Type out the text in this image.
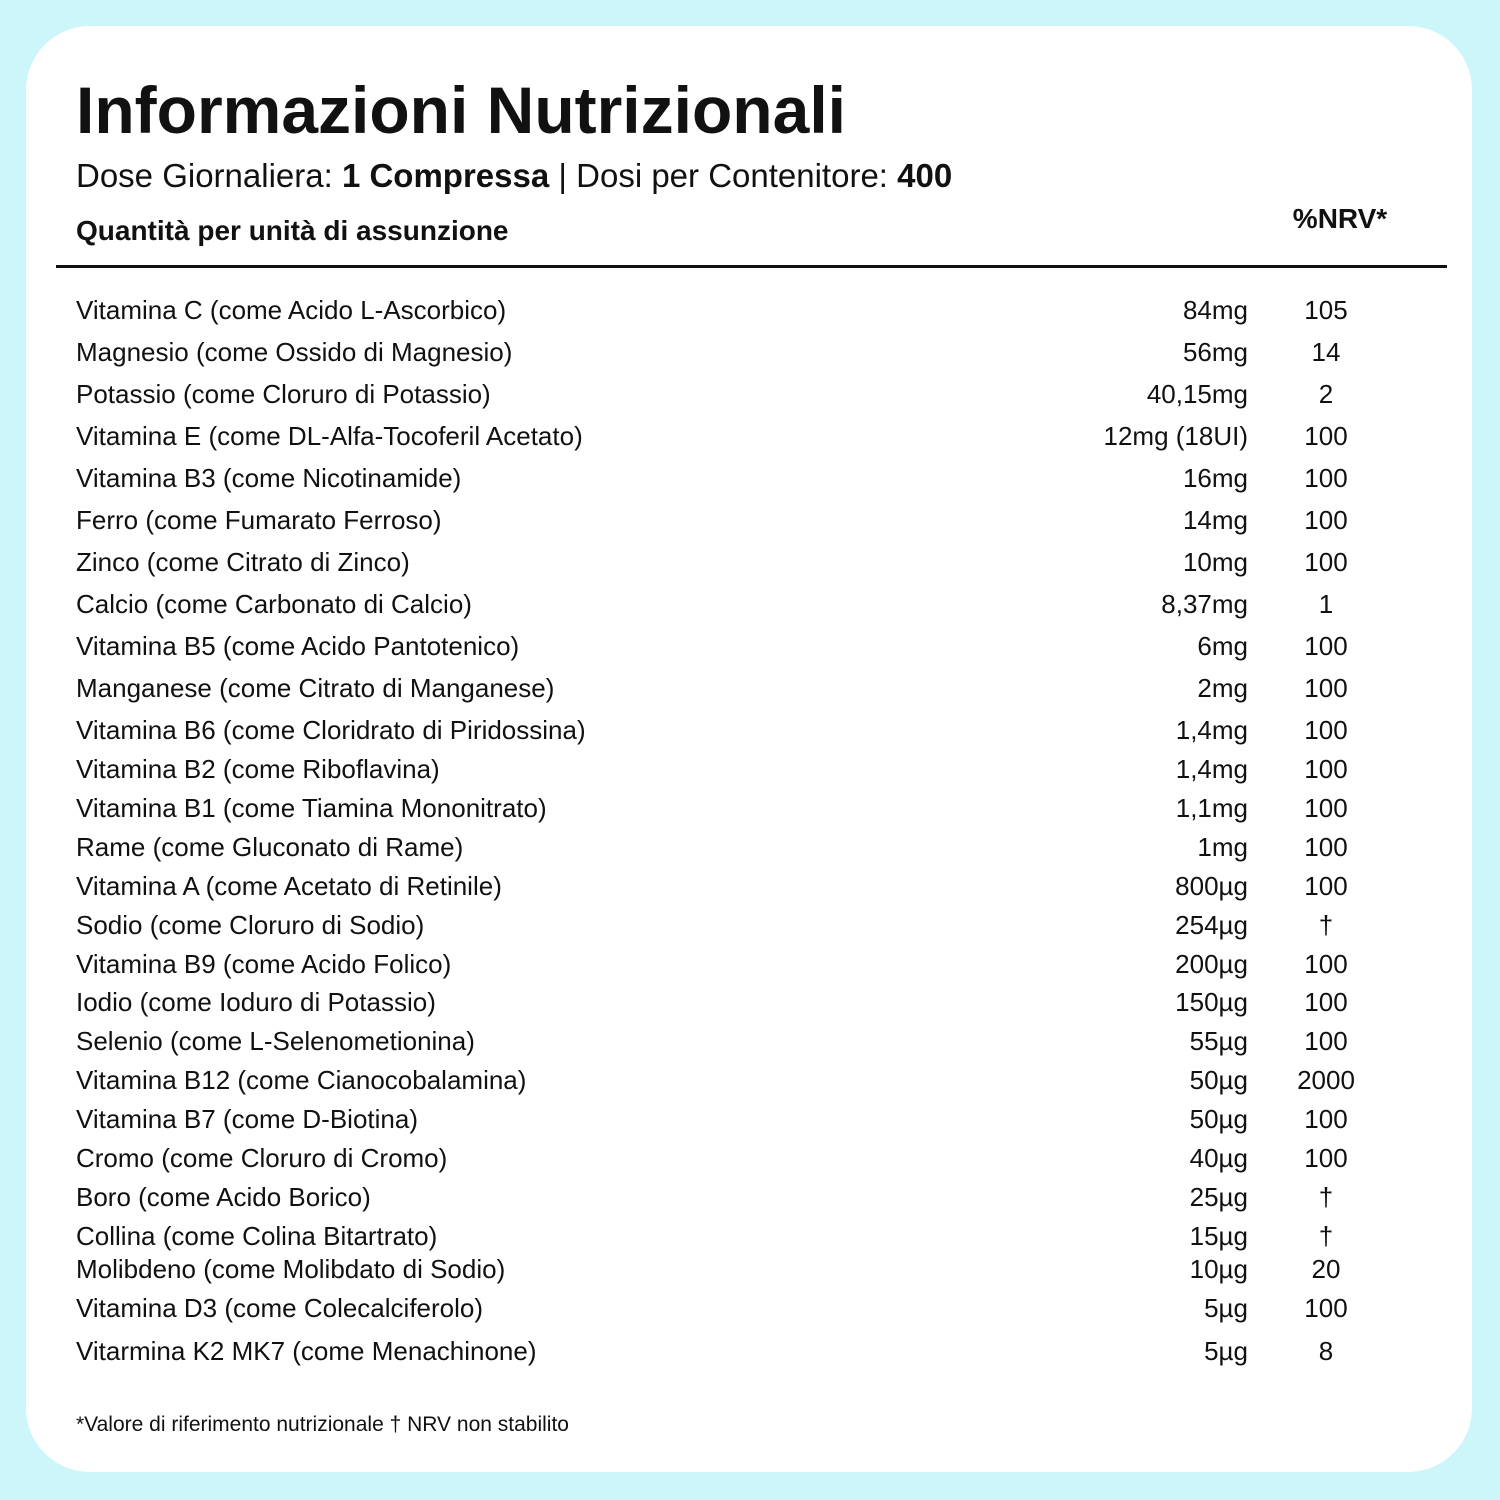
Informazioni Nutrizionali
Dose Giornaliera: 1 Compressa | Dosi per Contenitore: 400
Quantità per unità di assunzione	%NRV*
Vitamina C (come Acido L-Ascorbico)	84mg	105
Magnesio (come Ossido di Magnesio)	56mg	14
Potassio (come Cloruro di Potassio)	40,15mg	2
Vitamina E (come DL-Alfa-Tocoferil Acetato)	12mg (18UI)	100
Vitamina B3 (come Nicotinamide)	16mg	100
Ferro (come Fumarato Ferroso)	14mg	100
Zinco (come Citrato di Zinco)	10mg	100
Calcio (come Carbonato di Calcio)	8,37mg	1
Vitamina B5 (come Acido Pantotenico)	6mg	100
Manganese (come Citrato di Manganese)	2mg	100
Vitamina B6 (come Cloridrato di Piridossina)	1,4mg	100
Vitamina B2 (come Riboflavina)	1,4mg	100
Vitamina B1 (come Tiamina Mononitrato)	1,1mg	100
Rame (come Gluconato di Rame)	1mg	100
Vitamina A (come Acetato di Retinile)	800µg	100
Sodio (come Cloruro di Sodio)	254µg	†
Vitamina B9 (come Acido Folico)	200µg	100
Iodio (come Ioduro di Potassio)	150µg	100
Selenio (come L-Selenometionina)	55µg	100
Vitamina B12 (come Cianocobalamina)	50µg	2000
Vitamina B7 (come D-Biotina)	50µg	100
Cromo (come Cloruro di Cromo)	40µg	100
Boro (come Acido Borico)	25µg	†
Collina (come Colina Bitartrato)	15µg	†
Molibdeno (come Molibdato di Sodio)	10µg	20
Vitamina D3 (come Colecalciferolo)	5µg	100
Vitarmina K2 MK7 (come Menachinone)	5µg	8
*Valore di riferimento nutrizionale † NRV non stabilito
